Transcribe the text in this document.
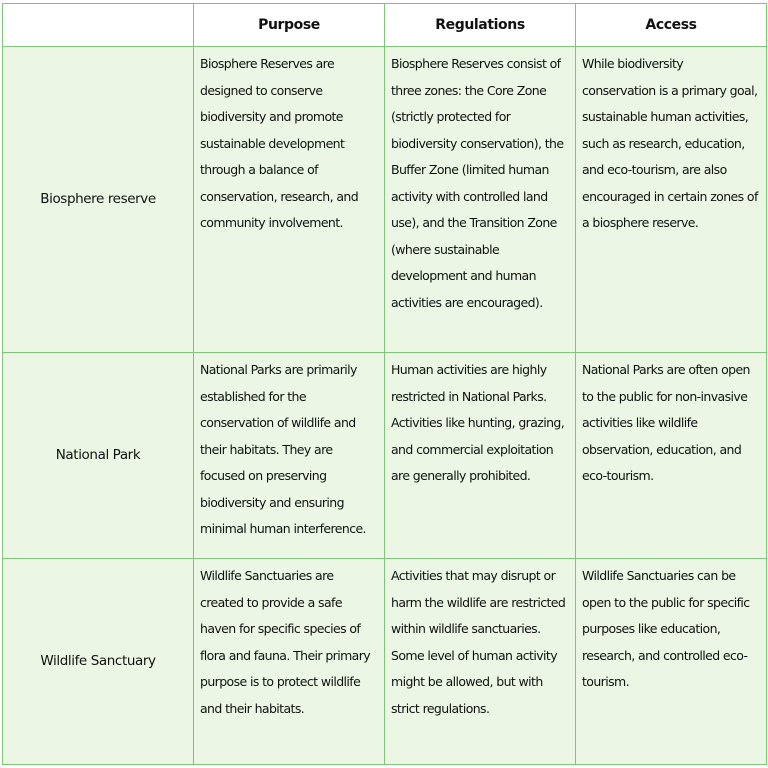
	Purpose	Regulations	Access
Biosphere reserve	Biosphere Reserves are designed to conserve biodiversity and promote sustainable development through a balance of conservation, research, and community involvement.	Biosphere Reserves consist of three zones: the Core Zone (strictly protected for biodiversity conservation), the Buffer Zone (limited human activity with controlled land use), and the Transition Zone (where sustainable development and human activities are encouraged).	While biodiversity conservation is a primary goal, sustainable human activities, such as research, education, and eco-tourism, are also encouraged in certain zones of a biosphere reserve.

National Park	National Parks are primarily established for the conservation of wildlife and their habitats. They are focused on preserving biodiversity and ensuring minimal human interference.	Human activities are highly restricted in National Parks. Activities like hunting, grazing, and commercial exploitation are generally prohibited.	National Parks are often open to the public for non-invasive activities like wildlife observation, education, and eco-tourism.

Wildlife Sanctuary	Wildlife Sanctuaries are created to provide a safe haven for specific species of flora and fauna. Their primary purpose is to protect wildlife and their habitats.	Activities that may disrupt or harm the wildlife are restricted within wildlife sanctuaries. Some level of human activity might be allowed, but with strict regulations.	Wildlife Sanctuaries can be open to the public for specific purposes like education, research, and controlled eco-tourism.
